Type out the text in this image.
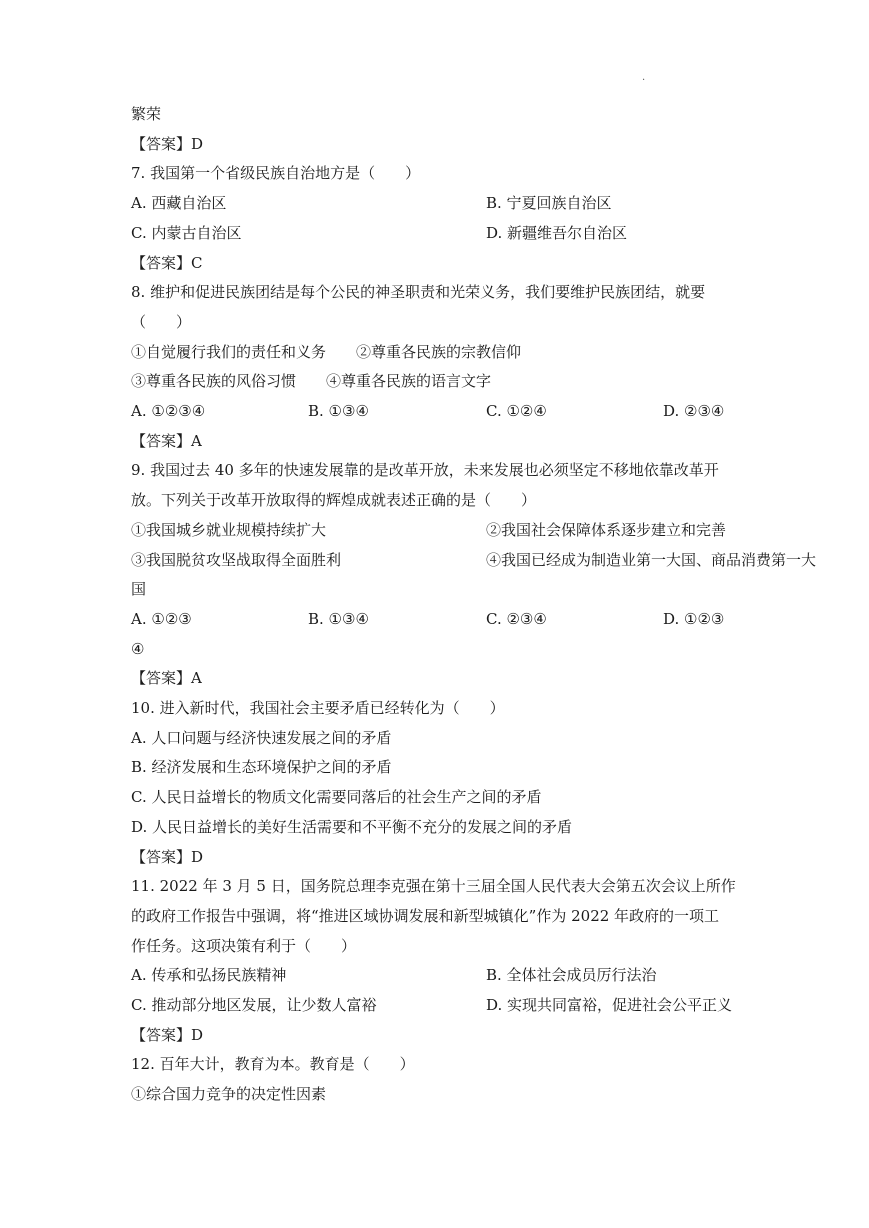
.
繁荣
【答案】D
7. 我国第一个省级民族自治地方是（　　）
A. 西藏自治区	B. 宁夏回族自治区
C. 内蒙古自治区	D. 新疆维吾尔自治区
【答案】C
8. 维护和促进民族团结是每个公民的神圣职责和光荣义务，我们要维护民族团结，就要
（　　）
①自觉履行我们的责任和义务　　②尊重各民族的宗教信仰
③尊重各民族的风俗习惯　　④尊重各民族的语言文字
A. ①②③④	B. ①③④	C. ①②④	D. ②③④
【答案】A
9. 我国过去 40 多年的快速发展靠的是改革开放，未来发展也必须坚定不移地依靠改革开
放。下列关于改革开放取得的辉煌成就表述正确的是（　　）
①我国城乡就业规模持续扩大	②我国社会保障体系逐步建立和完善
③我国脱贫攻坚战取得全面胜利	④我国已经成为制造业第一大国、商品消费第一大
国
A. ①②③	B. ①③④	C. ②③④	D. ①②③
④
【答案】A
10. 进入新时代，我国社会主要矛盾已经转化为（　　）
A. 人口问题与经济快速发展之间的矛盾
B. 经济发展和生态环境保护之间的矛盾
C. 人民日益增长的物质文化需要同落后的社会生产之间的矛盾
D. 人民日益增长的美好生活需要和不平衡不充分的发展之间的矛盾
【答案】D
11. 2022 年 3 月 5 日，国务院总理李克强在第十三届全国人民代表大会第五次会议上所作
的政府工作报告中强调，将“推进区域协调发展和新型城镇化”作为 2022 年政府的一项工
作任务。这项决策有利于（　　）
A. 传承和弘扬民族精神	B. 全体社会成员厉行法治
C. 推动部分地区发展，让少数人富裕	D. 实现共同富裕，促进社会公平正义
【答案】D
12. 百年大计，教育为本。教育是（　　）
①综合国力竞争的决定性因素
